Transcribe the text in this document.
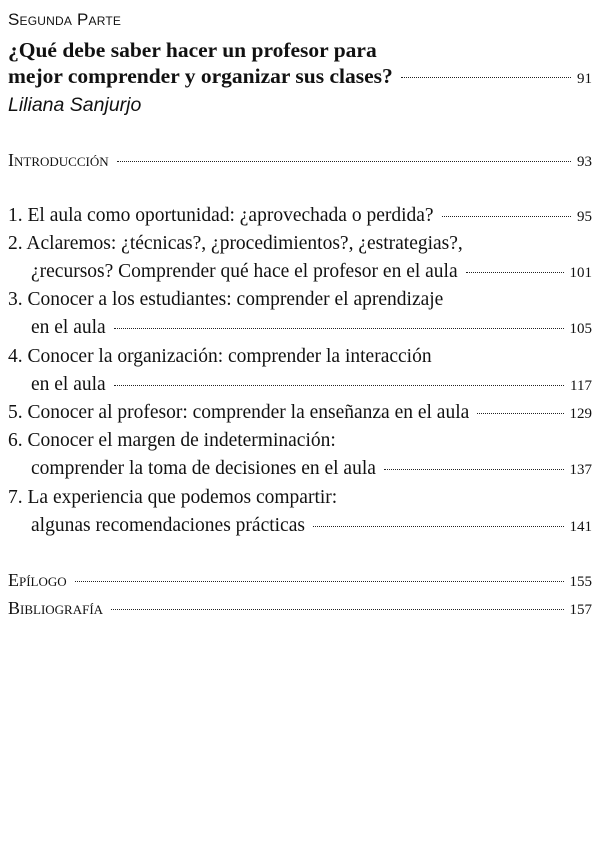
Segunda Parte
¿Qué debe saber hacer un profesor para
mejor comprender y organizar sus clases?	91
Liliana Sanjurjo
Introducción	93
1. El aula como oportunidad: ¿aprovechada o perdida?	95
2. Aclaremos: ¿técnicas?, ¿procedimientos?, ¿estrategias?,
¿recursos? Comprender qué hace el profesor en el aula	101
3. Conocer a los estudiantes: comprender el aprendizaje
en el aula	105
4. Conocer la organización: comprender la interacción
en el aula	117
5. Conocer al profesor: comprender la enseñanza en el aula	129
6. Conocer el margen de indeterminación:
comprender la toma de decisiones en el aula	137
7. La experiencia que podemos compartir:
algunas recomendaciones prácticas	141
Epílogo	155
Bibliografía	157
